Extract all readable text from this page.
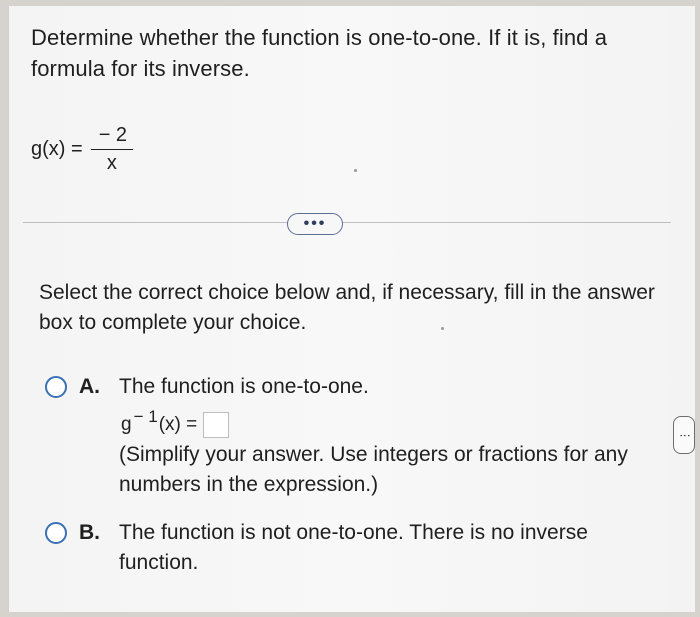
Determine whether the function is one-to-one. If it is, find a formula for its inverse.
$g(x) = \frac{- 2}{x}$
•••
Select the correct choice below and, if necessary, fill in the answer box to complete your choice.
A. The function is one-to-one.
$g^{- 1}$ (x) =
(Simplify your answer. Use integers or fractions for any numbers in the expression.)
B. The function is not one-to-one. There is no inverse function.
⋮
